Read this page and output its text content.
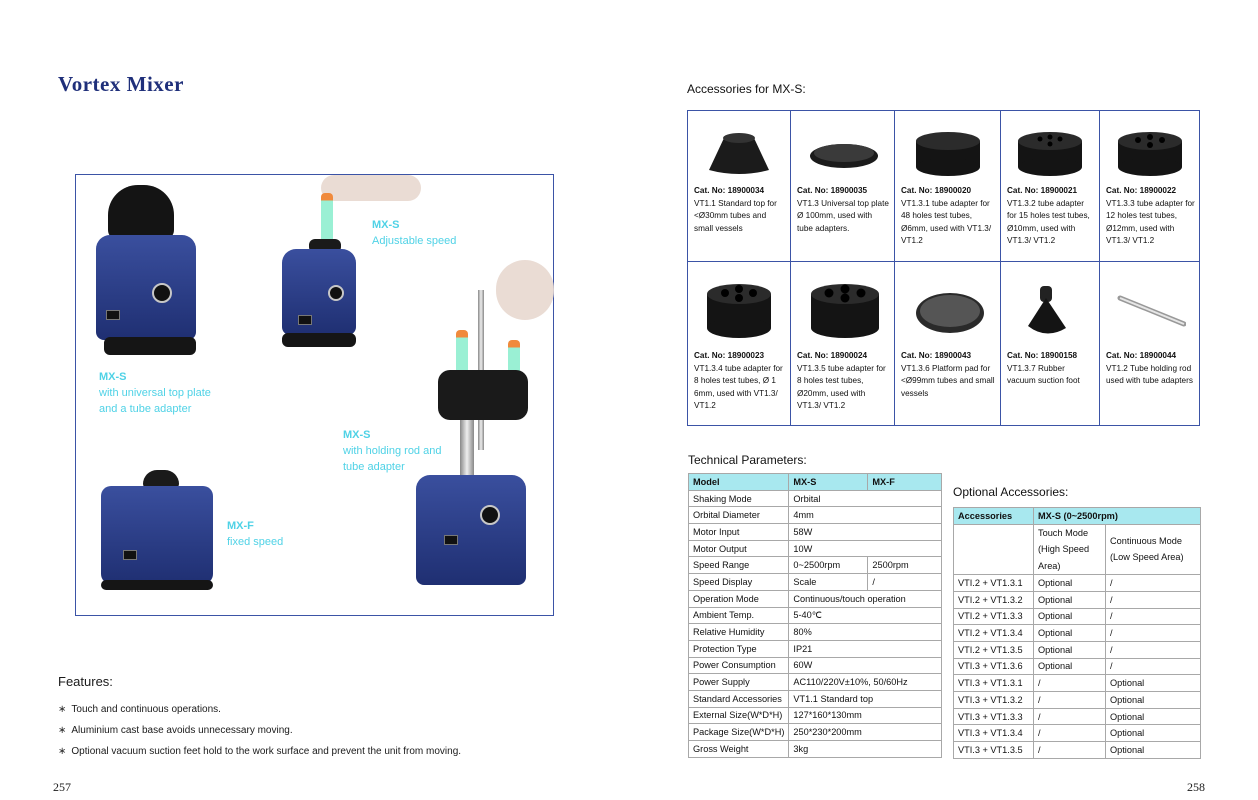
Vortex Mixer
MX-S
Adjustable speed
MX-S
with universal top plate
and a tube adapter
MX-S
with holding rod and
tube adapter
MX-F
fixed speed
Features:
∗ Touch and continuous operations.
∗ Aluminium cast base avoids unnecessary moving.
∗ Optional vacuum suction feet hold to the work surface and prevent the unit from moving.
257
Accessories for MX-S:
Cat. No: 18900034
VT1.1 Standard top for <Ø30mm tubes and small vessels
Cat. No: 18900035
VT1.3 Universal top plate Ø 100mm, used with tube adapters.
Cat. No: 18900020
VT1.3.1 tube adapter for 48 holes test tubes, Ø6mm, used with VT1.3/ VT1.2
Cat. No: 18900021
VT1.3.2 tube adapter for 15 holes test tubes, Ø10mm, used with VT1.3/ VT1.2
Cat. No: 18900022
VT1.3.3 tube adapter for 12 holes test tubes, Ø12mm, used with VT1.3/ VT1.2
Cat. No: 18900023
VT1.3.4 tube adapter for 8 holes test tubes, Ø 1 6mm, used with VT1.3/ VT1.2
Cat. No: 18900024
VT1.3.5 tube adapter for 8 holes test tubes, Ø20mm, used with VT1.3/ VT1.2
Cat. No: 18900043
VT1.3.6 Platform pad for <Ø99mm tubes and small vessels
Cat. No: 18900158
VT1.3.7 Rubber vacuum suction foot
Cat. No: 18900044
VT1.2 Tube holding rod used with tube adapters
Technical Parameters:
Model	MX-S	MX-F
Shaking Mode	Orbital	
Orbital Diameter	4mm	
Motor Input	58W	
Motor Output	10W	
Speed Range	0~2500rpm	2500rpm
Speed Display	Scale	/
Operation Mode	Continuous/touch operation	
Ambient Temp.	5-40℃	
Relative Humidity	80%	
Protection Type	IP21	
Power Consumption	60W	
Power Supply	AC110/220V±10%, 50/60Hz	
Standard Accessories	VT1.1 Standard top	
External Size(W*D*H)	127*160*130mm	
Package Size(W*D*H)	250*230*200mm	
Gross Weight	3kg	
Optional Accessories:
Accessories	MX-S (0~2500rpm)	
	Touch Mode (High Speed Area)	Continuous Mode (Low Speed Area)
VTI.2 + VT1.3.1	Optional	/
VTI.2 + VT1.3.2	Optional	/
VTI.2 + VT1.3.3	Optional	/
VTI.2 + VT1.3.4	Optional	/
VTI.2 + VT1.3.5	Optional	/
VTI.3 + VT1.3.6	Optional	/
VTI.3 + VT1.3.1	/	Optional
VTI.3 + VT1.3.2	/	Optional
VTI.3 + VT1.3.3	/	Optional
VTI.3 + VT1.3.4	/	Optional
VTI.3 + VT1.3.5	/	Optional
258
